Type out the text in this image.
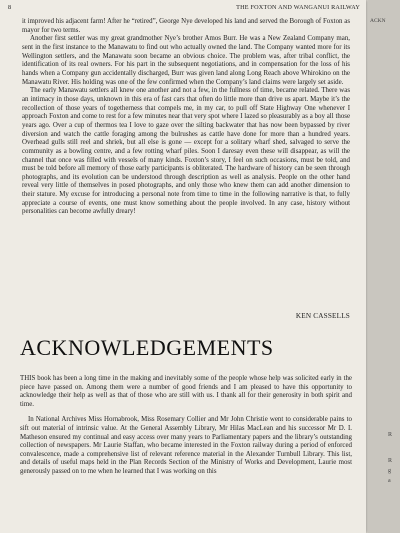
8	THE FOXTON AND WANGANUI RAILWAY

it improved his adjacent farm! After he “retired”, George Nye developed his land and served the Borough of Foxton as mayor for two terms.

Another first settler was my great grandmother Nye’s brother Amos Burr. He was a New Zealand Company man, sent in the first instance to the Manawatu to find out who actually owned the land. The Company wanted more for its Wellington settlers, and the Manawatu soon became an obvious choice. The problem was, after tribal conflict, the identification of its real owners. For his part in the subsequent negotiations, and in compensation for the loss of his hands when a Company gun accidentally discharged, Burr was given land along Long Reach above Whirokino on the Manawatu River. His holding was one of the few confirmed when the Company’s land claims were largely set aside.

The early Manawatu settlers all knew one another and not a few, in the fullness of time, became related. There was an intimacy in those days, unknown in this era of fast cars that often do little more than drive us apart. Maybe it’s the recollection of those years of togetherness that compels me, in my car, to pull off State Highway One whenever I approach Foxton and come to rest for a few minutes near that very spot where I lazed so pleasurably as a boy all those years ago. Over a cup of thermos tea I love to gaze over the silting backwater that has now been bypassed by river diversion and watch the cattle foraging among the bulrushes as cattle have done for more than a hundred years. Overhead gulls still reel and shriek, but all else is gone — except for a solitary wharf shed, salvaged to serve the community as a bowling centre, and a few rotting wharf piles. Soon I daresay even these will disappear, as will the channel that once was filled with vessels of many kinds. Foxton’s story, I feel on such occasions, must be told, and must be told before all memory of those early participants is obliterated. The hardware of history can be seen through photographs, and its evolution can be understood through description as well as analysis. People on the other hand reveal very little of themselves in posed photographs, and only those who knew them can add another dimension to their stature. My excuse for introducing a personal note from time to time in the following narrative is that, to fully appreciate a course of events, one must know something about the people involved. In any case, history without personalities can become awfully dreary!

KEN CASSELLS
ACKNOWLEDGEMENTS

THIS book has been a long time in the making and inevitably some of the people whose help was solicited early in the piece have passed on. Among them were a number of good friends and I am pleased to have this opportunity to acknowledge their help as well as that of those who are still with us. I thank all for their generosity in both spirit and time.

In National Archives Miss Hornabrook, Miss Rosemary Collier and Mr John Christie went to considerable pains to sift out material of intrinsic value. At the General Assembly Library, Mr Hilas MacLean and his successor Mr D. I. Matheson ensured my continual and easy access over many years to Parliamentary papers and the library’s outstanding collection of newspapers. Mr Laurie Staffan, who became interested in the Foxton railway during a period of enforced convalescence, made a comprehensive list of relevant reference material in the Alexander Turnbull Library. This list, and details of useful maps held in the Plan Records Section of the Ministry of Works and Development, Laurie most generously passed on to me when he learned that I was working on this

ACKN
R
R
g
a
